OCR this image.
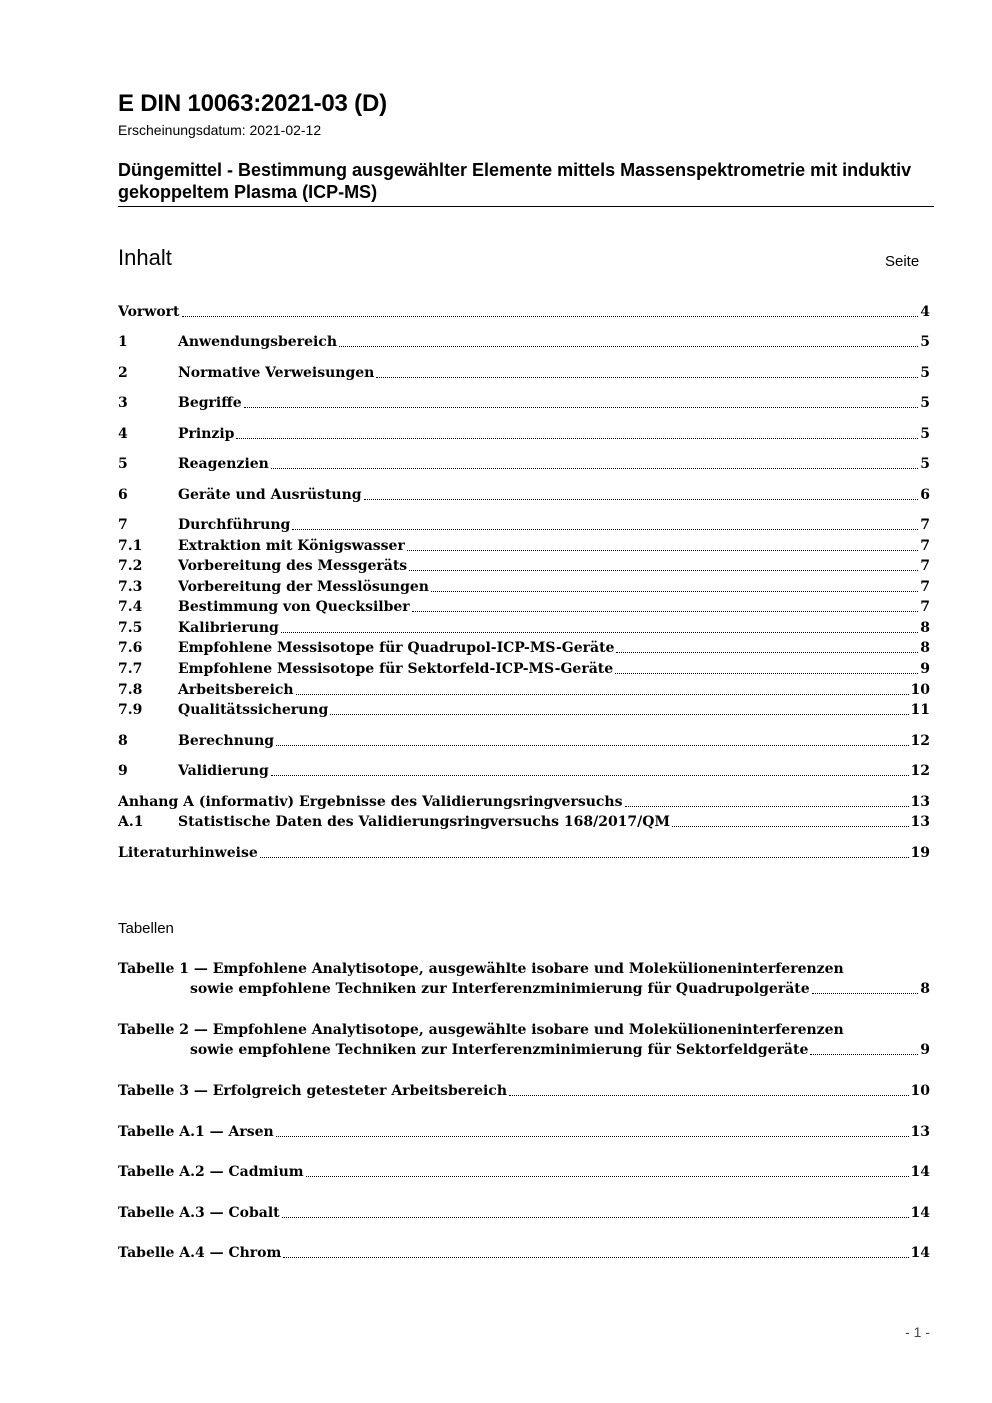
E DIN 10063:2021-03 (D)
Erscheinungsdatum: 2021-02-12
Düngemittel - Bestimmung ausgewählter Elemente mittels Massenspektrometrie mit induktiv gekoppeltem Plasma (ICP-MS)
Inhalt	Seite
Vorwort	4
1	Anwendungsbereich	5
2	Normative Verweisungen	5
3	Begriffe	5
4	Prinzip	5
5	Reagenzien	5
6	Geräte und Ausrüstung	6
7	Durchführung	7
7.1	Extraktion mit Königswasser	7
7.2	Vorbereitung des Messgeräts	7
7.3	Vorbereitung der Messlösungen	7
7.4	Bestimmung von Quecksilber	7
7.5	Kalibrierung	8
7.6	Empfohlene Messisotope für Quadrupol-ICP-MS-Geräte	8
7.7	Empfohlene Messisotope für Sektorfeld-ICP-MS-Geräte	9
7.8	Arbeitsbereich	10
7.9	Qualitätssicherung	11
8	Berechnung	12
9	Validierung	12
Anhang A (informativ) Ergebnisse des Validierungsringversuchs	13
A.1	Statistische Daten des Validierungsringversuchs 168/2017/QM	13
Literaturhinweise	19
Tabellen
Tabelle 1 — Empfohlene Analytisotope, ausgewählte isobare und Molekülioneninterferenzen
sowie empfohlene Techniken zur Interferenzminimierung für Quadrupolgeräte	8
Tabelle 2 — Empfohlene Analytisotope, ausgewählte isobare und Molekülioneninterferenzen
sowie empfohlene Techniken zur Interferenzminimierung für Sektorfeldgeräte	9
Tabelle 3 — Erfolgreich getesteter Arbeitsbereich	10
Tabelle A.1 — Arsen	13
Tabelle A.2 — Cadmium	14
Tabelle A.3 — Cobalt	14
Tabelle A.4 — Chrom	14
- 1 -
